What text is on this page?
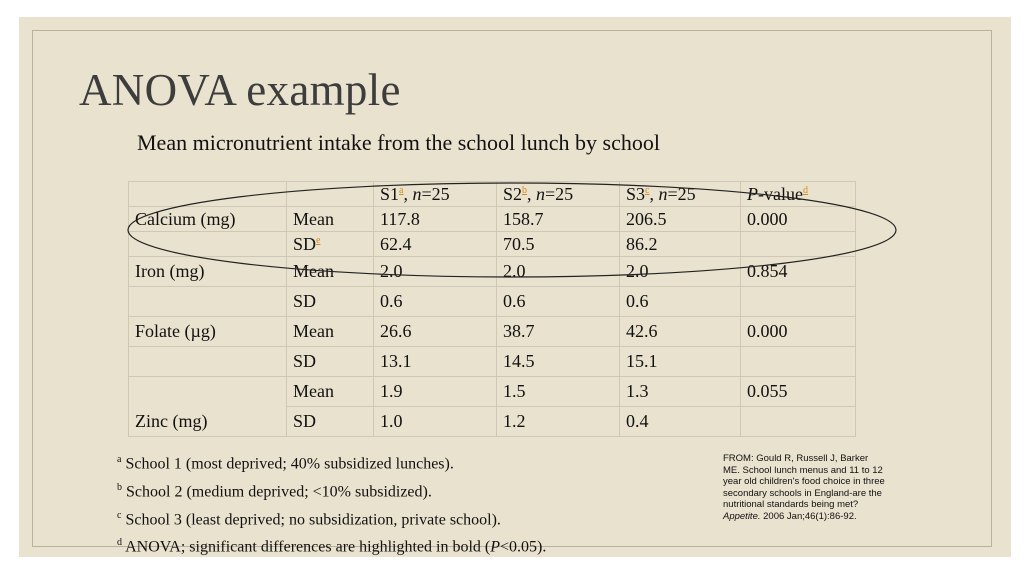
ANOVA example
Mean micronutrient intake from the school lunch by school
		S1$^a$, n=25	S2$^b$, n=25	S3$^c$, n=25	P-value$^d$
Calcium (mg)	Mean	117.8	158.7	206.5	0.000
	SD$^e$	62.4	70.5	86.2	
Iron (mg)	Mean	2.0	2.0	2.0	0.854
	SD	0.6	0.6	0.6	
Folate (µg)	Mean	26.6	38.7	42.6	0.000
	SD	13.1	14.5	15.1	
Zinc (mg)	Mean	1.9	1.5	1.3	0.055
	SD	1.0	1.2	0.4	
$^a$ School 1 (most deprived; 40% subsidized lunches).
$^b$ School 2 (medium deprived; <10% subsidized).
$^c$ School 3 (least deprived; no subsidization, private school).
$^d$ ANOVA; significant differences are highlighted in bold (P<0.05).
FROM: Gould R, Russell J, Barker ME. School lunch menus and 11 to 12 year old children's food choice in three secondary schools in England-are the nutritional standards being met? Appetite. 2006 Jan;46(1):86-92.
